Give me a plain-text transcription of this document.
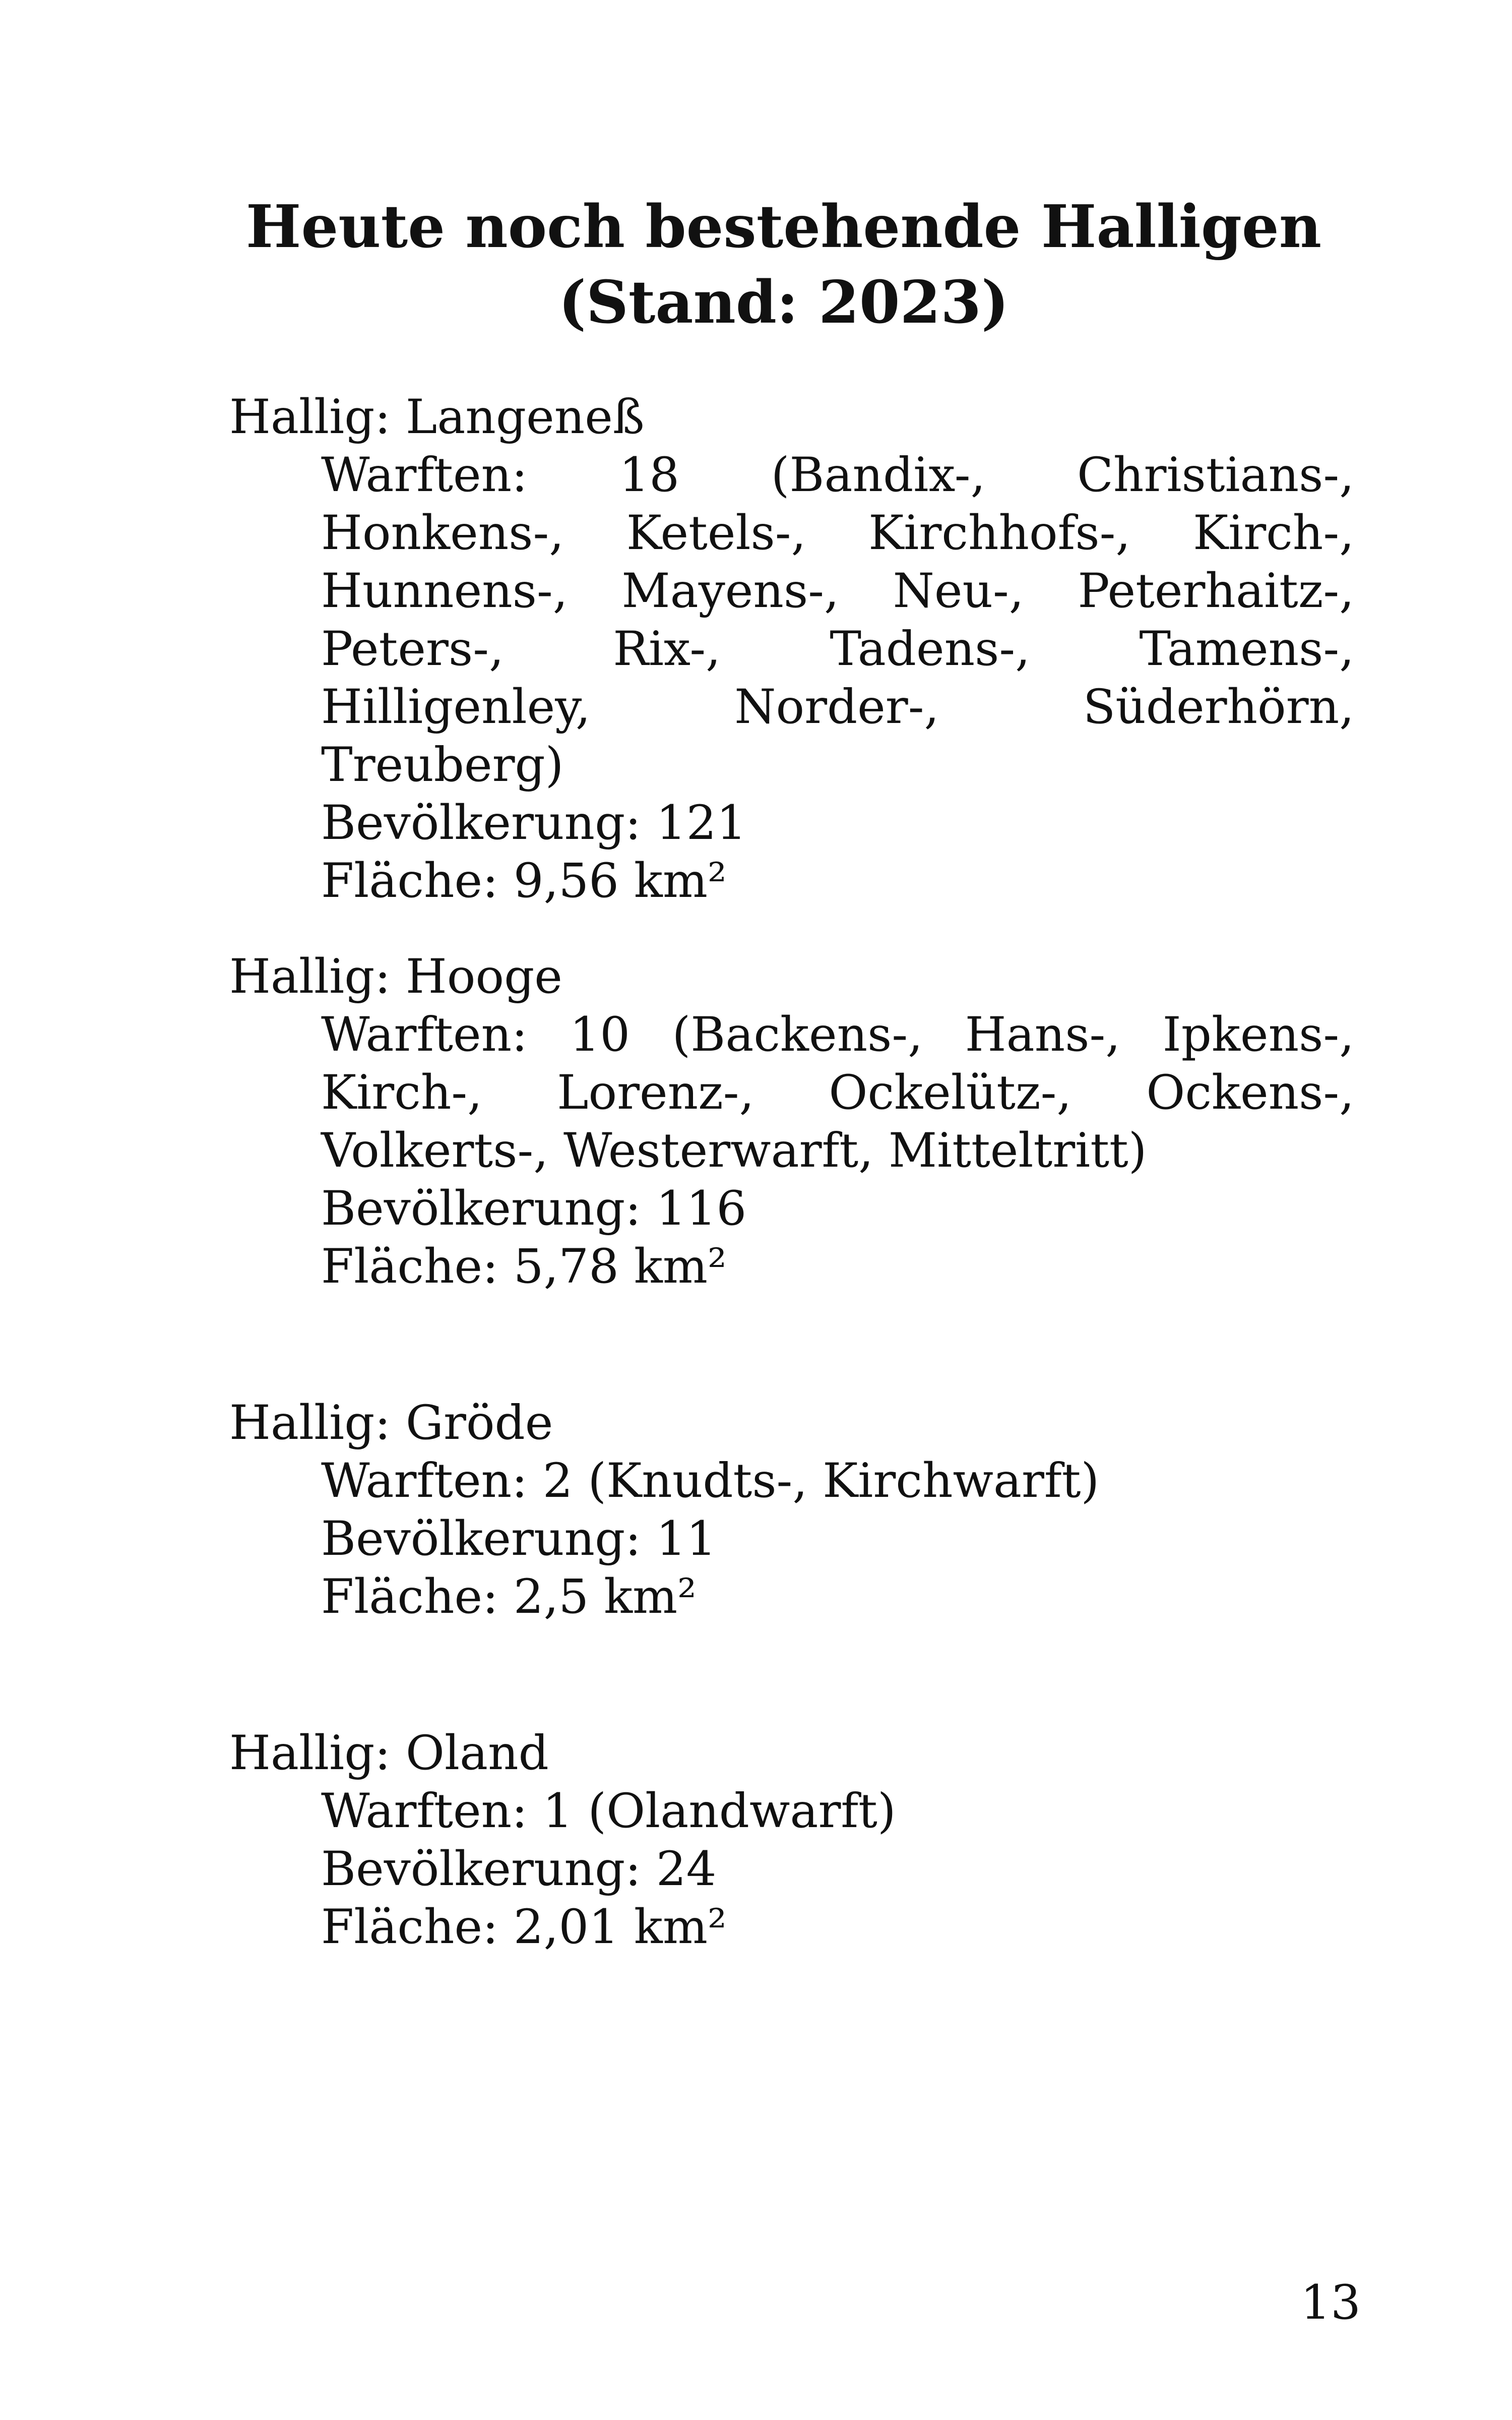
Heute noch bestehende Halligen
(Stand: 2023)
Hallig: Langeneß
Warften: 18 (Bandix-, Christians-, Honkens-, Ketels-, Kirchhofs-, Kirch-, Hunnens-, Mayens-, Neu-, Peterhaitz-, Peters-, Rix-, Tadens-, Tamens-, Hilligenley, Norder-, Süderhörn, Treuberg)
Bevölkerung: 121
Fläche: 9,56 km²
Hallig: Hooge
Warften: 10 (Backens-, Hans-, Ipkens-, Kirch-, Lorenz-, Ockelütz-, Ockens-, Volkerts-, Westerwarft, Mitteltritt)
Bevölkerung: 116
Fläche: 5,78 km²
Hallig: Gröde
Warften: 2 (Knudts-, Kirchwarft)
Bevölkerung: 11
Fläche: 2,5 km²
Hallig: Oland
Warften: 1 (Olandwarft)
Bevölkerung: 24
Fläche: 2,01 km²
13
